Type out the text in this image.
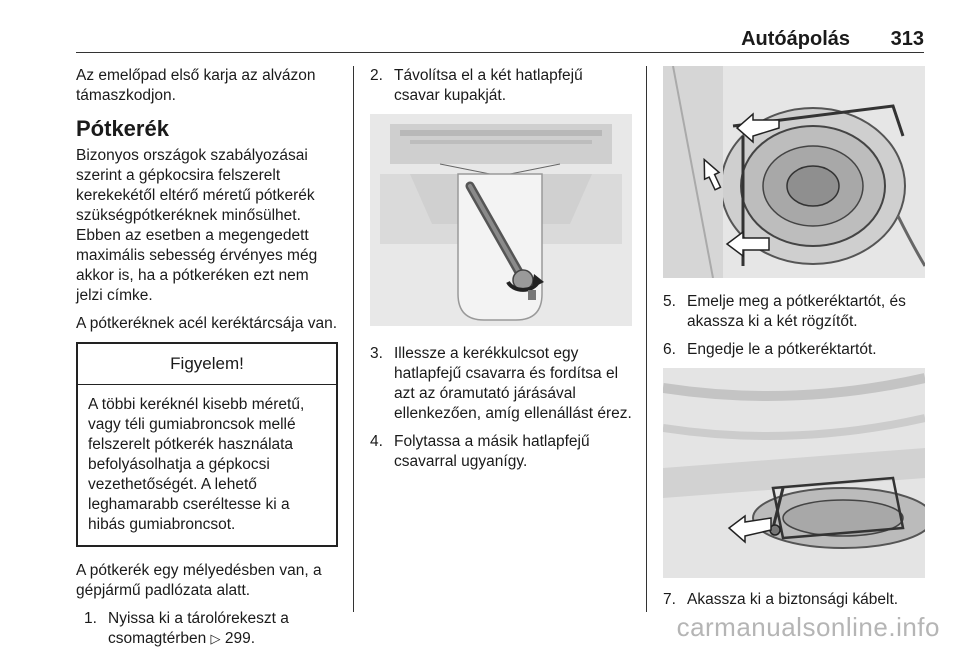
Autóápolás	313

Az emelőpad első karja az alvázon támaszkodjon.

Pótkerék

Bizonyos országok szabályozásai szerint a gépkocsira felszerelt kerekekétől eltérő méretű pótkerék szükségpótkeréknek minősülhet. Ebben az esetben a megengedett maximális sebesség érvényes még akkor is, ha a pótkeréken ezt nem jelzi címke.

A pótkeréknek acél keréktárcsája van.

Figyelem!
A többi keréknél kisebb méretű, vagy téli gumiabroncsok mellé felszerelt pótkerék használata befolyásolhatja a gépkocsi vezethetőségét. A lehető leghamarabb cseréltesse ki a hibás gumiabroncsot.

A pótkerék egy mélyedésben van, a gépjármű padlózata alatt.

1. Nyissa ki a tárolórekeszt a csomagtérben ▷ 299.
2. Távolítsa el a két hatlapfejű csavar kupakját.
3. Illessze a kerékkulcsot egy hatlapfejű csavarra és fordítsa el azt az óramutató járásával ellenkezően, amíg ellenállást érez.
4. Folytassa a másik hatlapfejű csavarral ugyanígy.
5. Emelje meg a pótkeréktartót, és akassza ki a két rögzítőt.
6. Engedje le a pótkeréktartót.
7. Akassza ki a biztonsági kábelt.
carmanualsonline.info
